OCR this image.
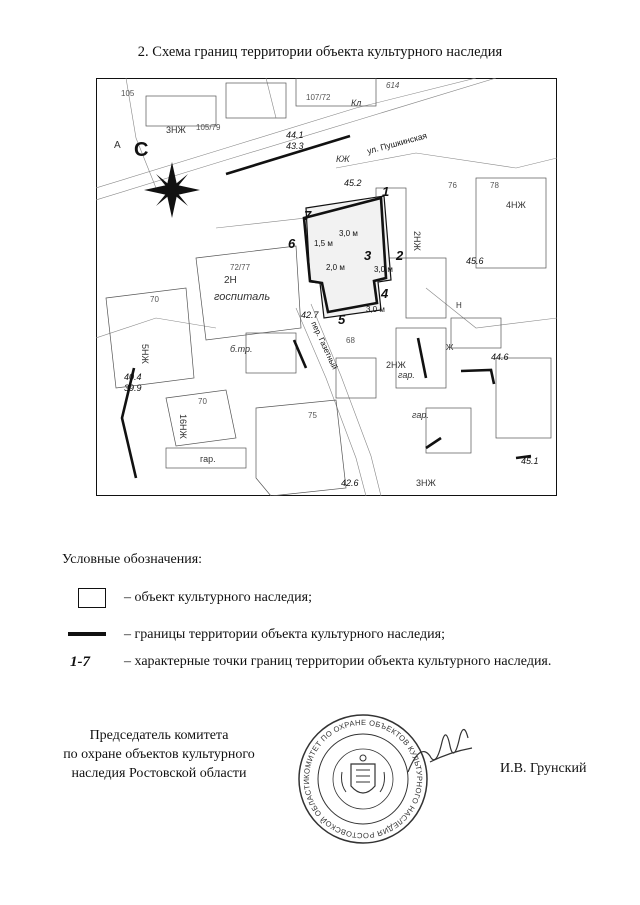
2. Схема границ территории объекта культурного наследия
С	ул. Пушкинская
пер. Газетный
1
2
3
4
5
6
7
3,0 м
1,5 м
2,0 м	3,0 м
3,0 м
44.1
43.3
45.2
45.6
42.7
40.4
39.9
44.6
42.6
45.1
3НЖ
2НЖ
А
Кл
КЖ
2Н
госпиталь
5НЖ
16НЖ
гар.
б.тр.
4НЖ
2НЖ
3НЖ
гар.
гар.
Ж
Н
105
105/79
107/72
614
72/77
70
70
75
78
76
68
Условные обозначения:
– объект культурного наследия;
– границы территории объекта культурного наследия;
1-7 – характерные точки границ территории объекта культурного наследия.
Председатель комитета
по охране объектов культурного
наследия Ростовской области	КОМИТЕТ ПО ОХРАНЕ ОБЪЕКТОВ КУЛЬТУРНОГО НАСЛЕДИЯ РОСТОВСКОЙ ОБЛАСТИ
И.В. Грунский
